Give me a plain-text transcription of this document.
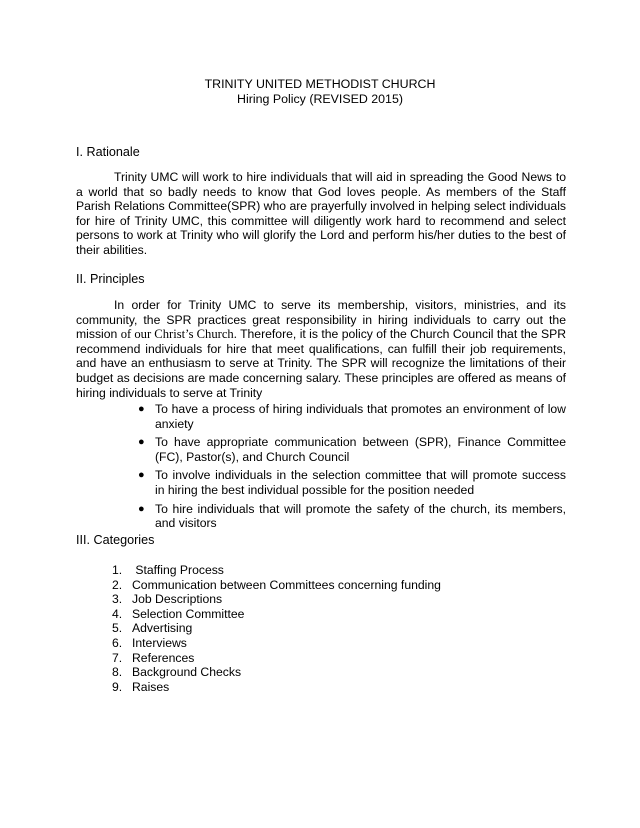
TRINITY UNITED METHODIST CHURCH
Hiring Policy (REVISED 2015)
I. Rationale
Trinity UMC will work to hire individuals that will aid in spreading the Good News to a world that so badly needs to know that God loves people. As members of the Staff Parish Relations Committee(SPR) who are prayerfully involved in helping select individuals for hire of Trinity UMC, this committee will diligently work hard to recommend and select persons to work at Trinity who will glorify the Lord and perform his/her duties to the best of their abilities.
II. Principles
In order for Trinity UMC to serve its membership, visitors, ministries, and its community, the SPR practices great responsibility in hiring individuals to carry out the mission of our Christ’s Church. Therefore, it is the policy of the Church Council that the SPR recommend individuals for hire that meet qualifications, can fulfill their job requirements, and have an enthusiasm to serve at Trinity. The SPR will recognize the limitations of their budget as decisions are made concerning salary. These principles are offered as means of hiring individuals to serve at Trinity
● To have a process of hiring individuals that promotes an environment of low anxiety
● To have appropriate communication between (SPR), Finance Committee (FC), Pastor(s), and Church Council
● To involve individuals in the selection committee that will promote success in hiring the best individual possible for the position needed
● To hire individuals that will promote the safety of the church, its members, and visitors
III. Categories
1. Staffing Process
2. Communication between Committees concerning funding
3. Job Descriptions
4. Selection Committee
5. Advertising
6. Interviews
7. References
8. Background Checks
9. Raises
